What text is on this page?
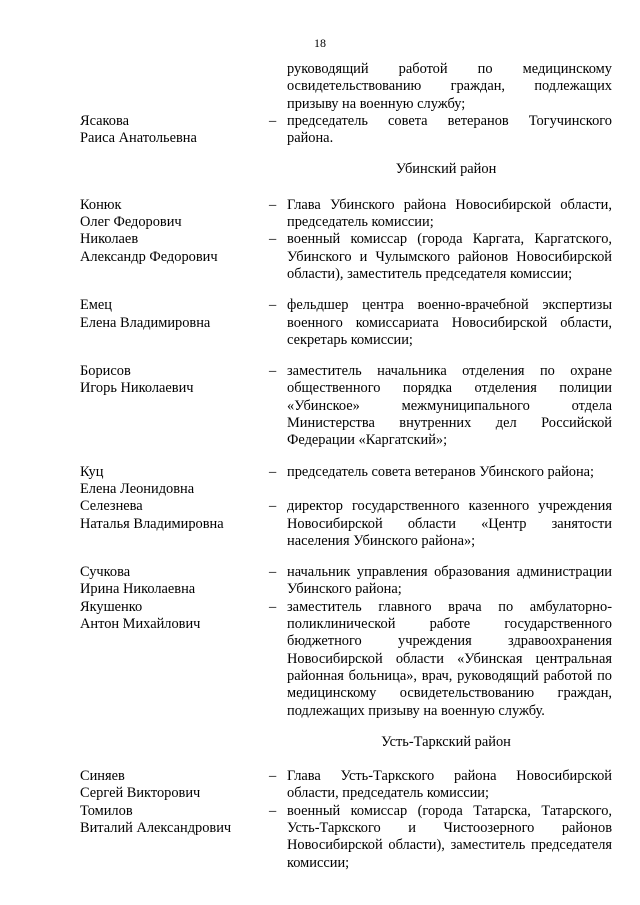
18
руководящий работой по медицинскому освидетельствованию граждан, подлежащих призыву на военную службу;
Ясакова
Раиса Анатольевна
– председатель совета ветеранов Тогучинского района.
Убинский район
Конюк
Олег Федорович
– Глава Убинского района Новосибирской области, председатель комиссии;
Николаев
Александр Федорович
– военный комиссар (города Каргата, Каргатского, Убинского и Чулымского районов Новосибирской области), заместитель председателя комиссии;
Емец
Елена Владимировна
– фельдшер центра военно-врачебной экспертизы военного комиссариата Новосибирской области, секретарь комиссии;
Борисов
Игорь Николаевич
– заместитель начальника отделения по охране общественного порядка отделения полиции «Убинское» межмуниципального отдела Министерства внутренних дел Российской Федерации «Каргатский»;
Куц
Елена Леонидовна
– председатель совета ветеранов Убинского района;
Селезнева
Наталья Владимировна
– директор государственного казенного учреждения Новосибирской области «Центр занятости населения Убинского района»;
Сучкова
Ирина Николаевна
– начальник управления образования администрации Убинского района;
Якушенко
Антон Михайлович
– заместитель главного врача по амбулаторно-поликлинической работе государственного бюджетного учреждения здравоохранения Новосибирской области «Убинская центральная районная больница», врач, руководящий работой по медицинскому освидетельствованию граждан, подлежащих призыву на военную службу.
Усть-Таркский район
Синяев
Сергей Викторович
– Глава Усть-Таркского района Новосибирской области, председатель комиссии;
Томилов
Виталий Александрович
– военный комиссар (города Татарска, Татарского, Усть-Таркского и Чистоозерного районов Новосибирской области), заместитель председателя комиссии;
